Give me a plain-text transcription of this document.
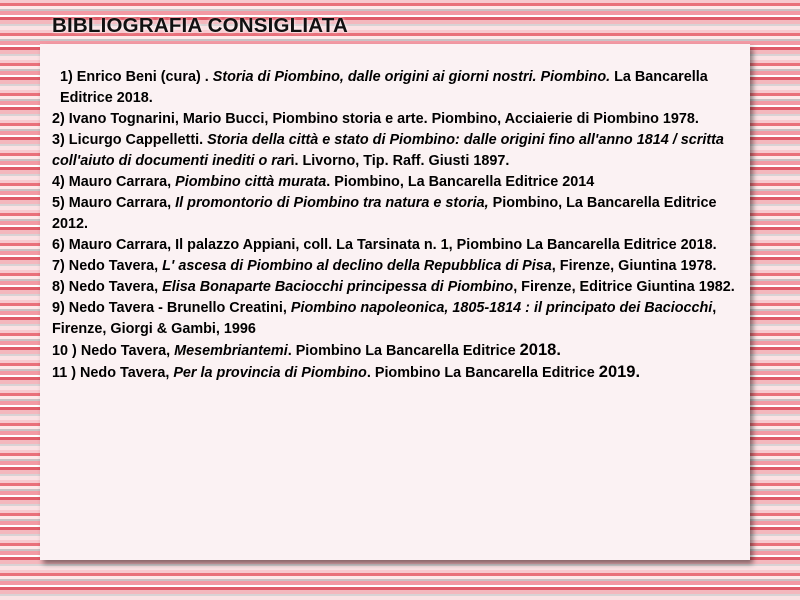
BIBLIOGRAFIA CONSIGLIATA

1) Enrico Beni (cura) . Storia di Piombino, dalle origini ai giorni nostri. Piombino. La Bancarella Editrice 2018.

2) Ivano Tognarini, Mario Bucci, Piombino storia e arte. Piombino, Acciaierie di Piombino 1978.

3) Licurgo Cappelletti. Storia della città e stato di Piombino: dalle origini fino all'anno 1814 / scritta coll'aiuto di documenti inediti o rari. Livorno, Tip. Raff. Giusti 1897.

4) Mauro Carrara, Piombino città murata. Piombino, La Bancarella Editrice 2014

5) Mauro Carrara, Il promontorio di Piombino tra natura e storia, Piombino, La Bancarella Editrice 2012.

6) Mauro Carrara, Il palazzo Appiani, coll. La Tarsinata n. 1, Piombino La Bancarella Editrice 2018.

7) Nedo Tavera, L' ascesa di Piombino al declino della Repubblica di Pisa, Firenze, Giuntina 1978.

8) Nedo Tavera, Elisa Bonaparte Baciocchi principessa di Piombino, Firenze, Editrice Giuntina 1982.

9) Nedo Tavera - Brunello Creatini, Piombino napoleonica, 1805-1814 : il principato dei Baciocchi, Firenze, Giorgi & Gambi, 1996

10 ) Nedo Tavera, Mesembriantemi. Piombino La Bancarella Editrice 2018.

11 ) Nedo Tavera, Per la provincia di Piombino. Piombino La Bancarella Editrice 2019.
